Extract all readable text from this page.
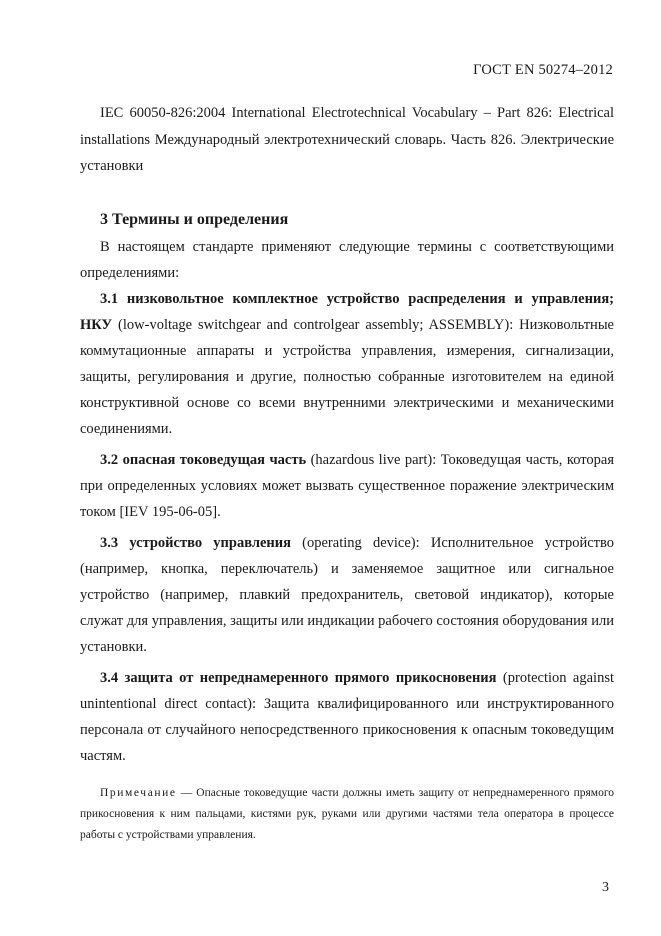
ГОСТ EN 50274–2012

IEC 60050-826:2004 International Electrotechnical Vocabulary – Part 826: Electrical installations Международный электротехнический словарь. Часть 826. Электрические установки

3 Термины и определения

В настоящем стандарте применяют следующие термины с соответствующими определениями:

3.1 низковольтное комплектное устройство распределения и управления; НКУ (low-voltage switchgear and controlgear assembly; ASSEMBLY): Низковольтные коммутационные аппараты и устройства управления, измерения, сигнализации, защиты, регулирования и другие, полностью собранные изготовителем на единой конструктивной основе со всеми внутренними электрическими и механическими соединениями.

3.2 опасная токоведущая часть (hazardous live part): Токоведущая часть, которая при определенных условиях может вызвать существенное поражение электрическим током [IEV 195-06-05].

3.3 устройство управления (operating device): Исполнительное устройство (например, кнопка, переключатель) и заменяемое защитное или сигнальное устройство (например, плавкий предохранитель, световой индикатор), которые служат для управления, защиты или индикации рабочего состояния оборудования или установки.

3.4 защита от непреднамеренного прямого прикосновения (protection against unintentional direct contact): Защита квалифицированного или инструктированного персонала от случайного непосредственного прикосновения к опасным токоведущим частям.

Примечание — Опасные токоведущие части должны иметь защиту от непреднамеренного прямого прикосновения к ним пальцами, кистями рук, руками или другими частями тела оператора в процессе работы с устройствами управления.

3
